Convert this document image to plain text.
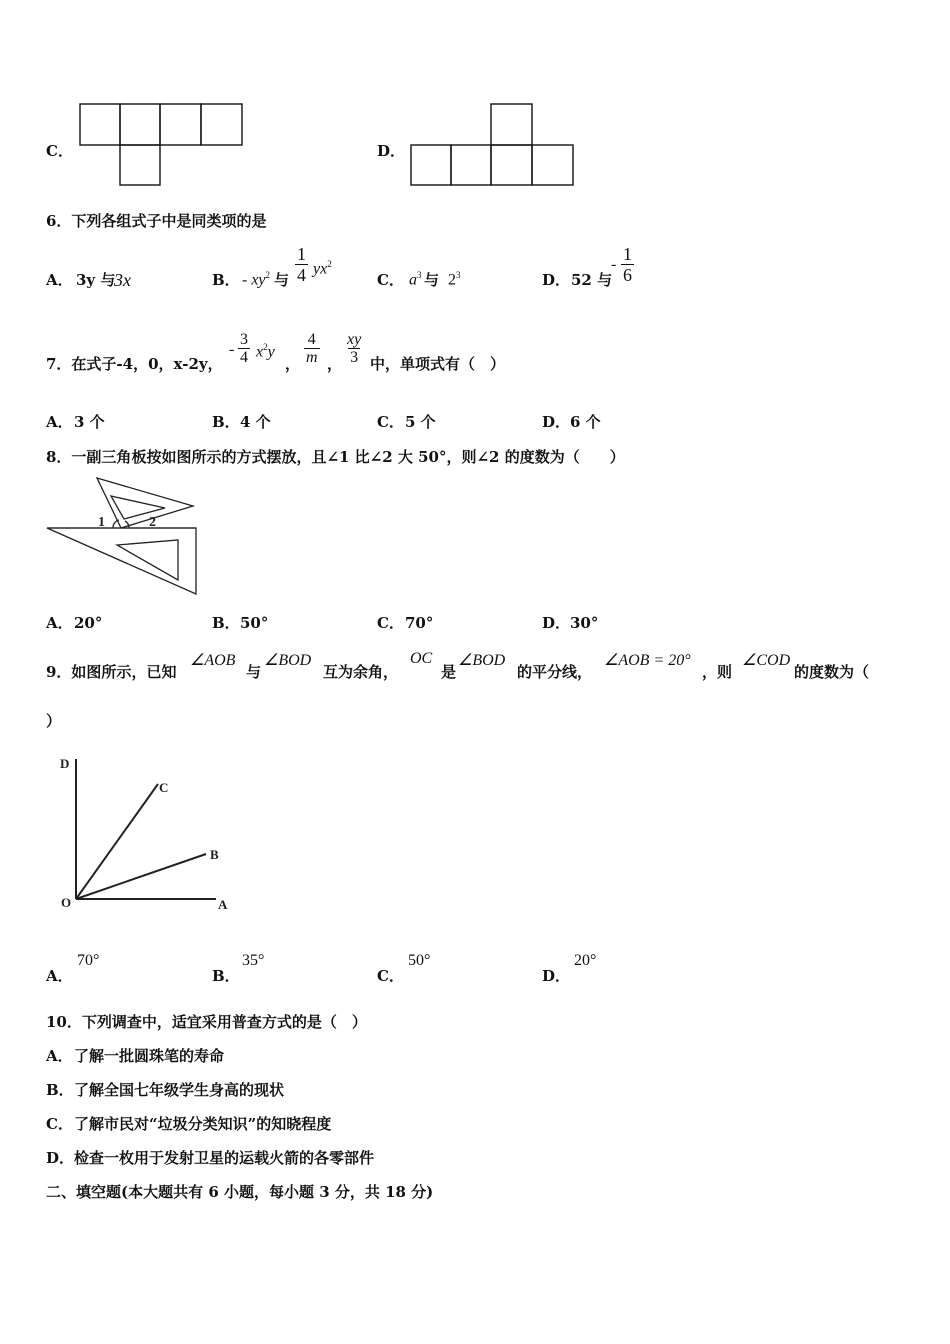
C．	D．
6．下列各组式子中是同类项的是
A． 3y 与
3x	B． - $xy^2$ 与 $\frac{1}{4} yx^2$
C． $a^3$ 与 $2^3$	D． 52 与
- $\frac{1}{6}$
7．在式子-4，0，x-2y，
- $\frac{3}{4} x^2y$
， $\frac{4}{m}$ ， $\frac{xy}{3}$ 中，单项式有（　）
A． 3 个	B． 4 个	C． 5 个	D． 6 个
8．一副三角板按如图所示的方式摆放，且∠1 比∠2 大 50°，则∠2 的度数为（　　）
1	2
A． 20°	B． 50°	C． 70°	D． 30°
9．如图所示，已知
∠AOB
与
∠BOD
互为余角，
OC
是
∠BOD
的平分线，
∠AOB = 20°
，则
∠COD
的度数为（
）
D
C
B
O	A
A．
70°
B．
35°
C．
50°
D．
20°
10．下列调查中，适宜采用普查方式的是（　）
A． 了解一批圆珠笔的寿命
B． 了解全国七年级学生身高的现状
C． 了解市民对“垃圾分类知识”的知晓程度
D． 检查一枚用于发射卫星的运载火箭的各零部件
二、填空题(本大题共有 6 小题，每小题 3 分，共 18 分)
